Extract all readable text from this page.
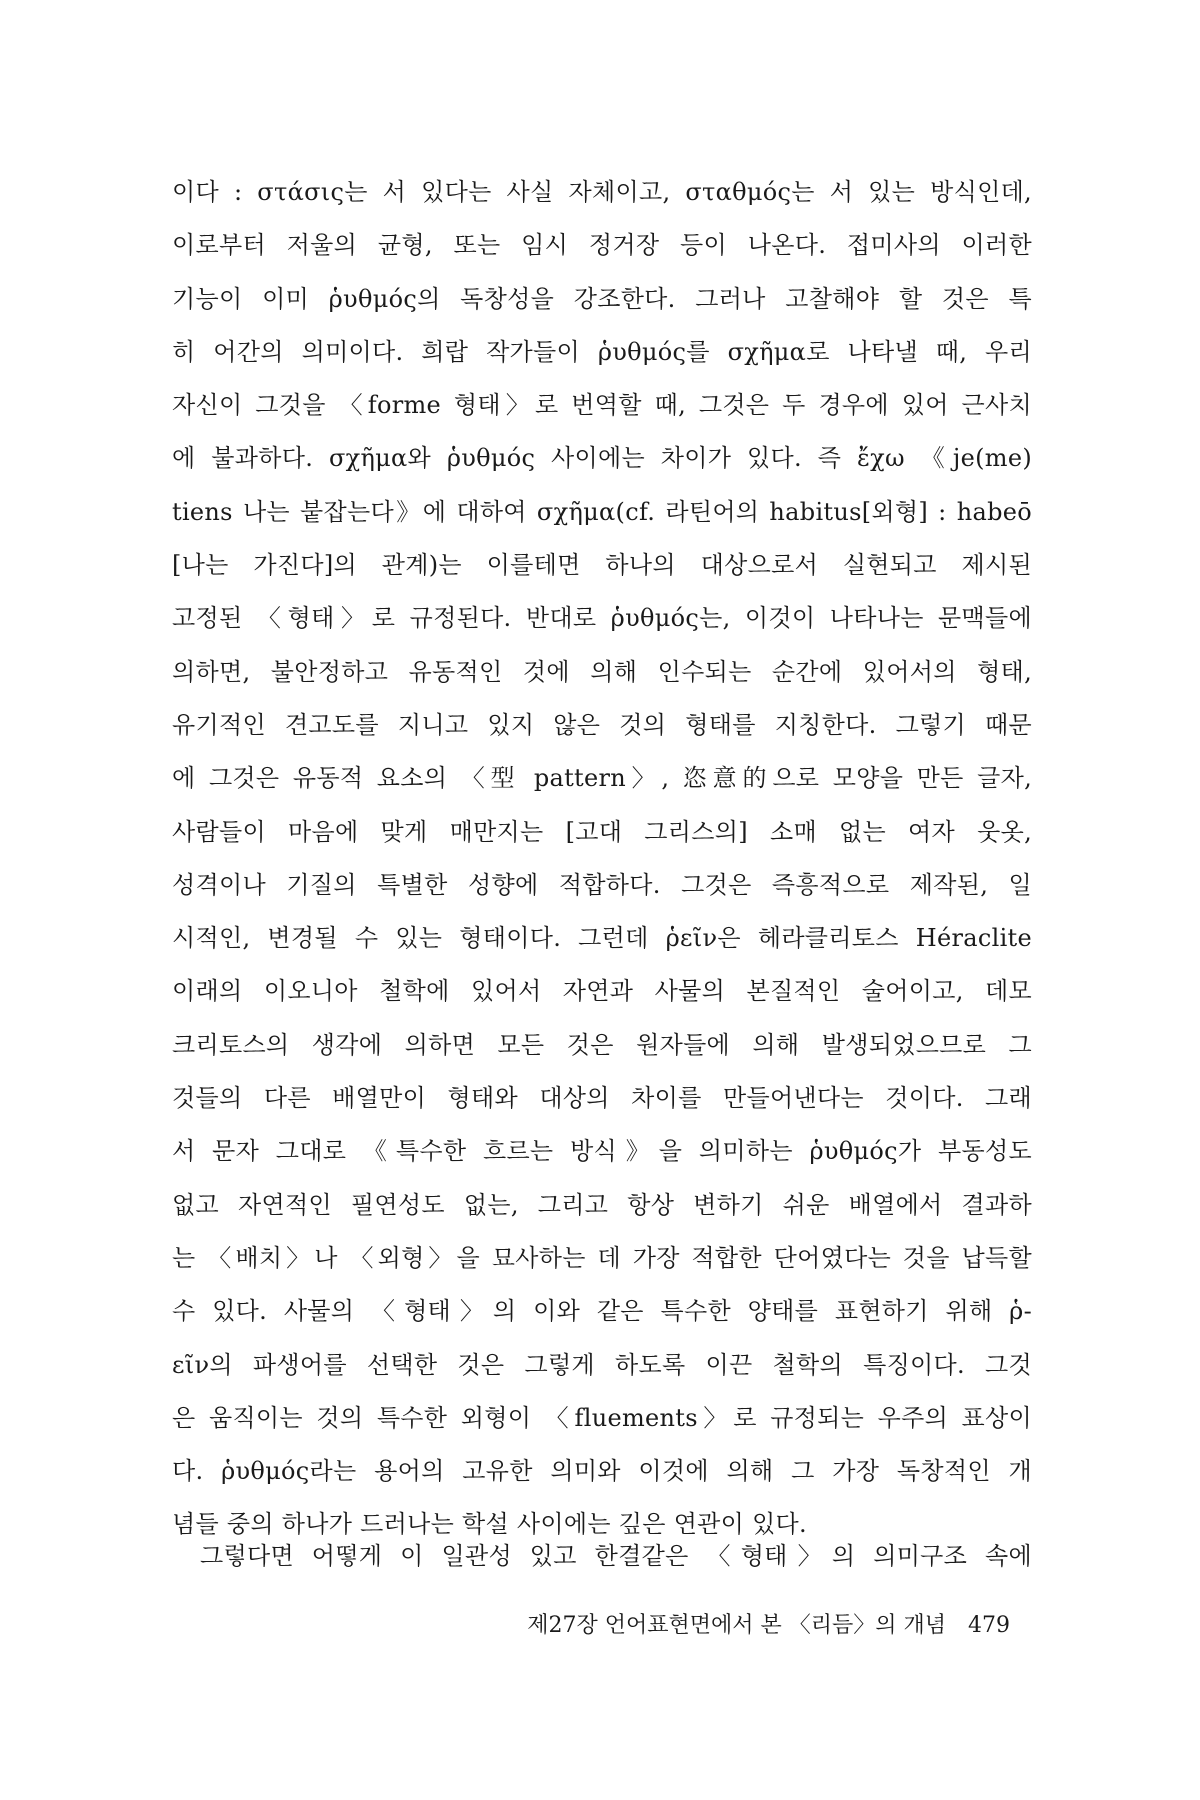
이다 : στάσις는 서 있다는 사실 자체이고, σταθμός는 서 있는 방식인데,
이로부터 저울의 균형, 또는 임시 정거장 등이 나온다. 접미사의 이러한
기능이 이미 ῥυθμός의 독창성을 강조한다. 그러나 고찰해야 할 것은 특
히 어간의 의미이다. 희랍 작가들이 ῥυθμός를 σχῆμα로 나타낼 때, 우리
자신이 그것을 〈forme 형태〉로 번역할 때, 그것은 두 경우에 있어 근사치
에 불과하다. σχῆμα와 ῥυθμός 사이에는 차이가 있다. 즉 ἔχω 《je(me)
tiens 나는 붙잡는다》에 대하여 σχῆμα(cf. 라틴어의 habitus[외형] : habeō
[나는 가진다]의 관계)는 이를테면 하나의 대상으로서 실현되고 제시된
고정된 〈형태〉로 규정된다. 반대로 ῥυθμός는, 이것이 나타나는 문맥들에
의하면, 불안정하고 유동적인 것에 의해 인수되는 순간에 있어서의 형태,
유기적인 견고도를 지니고 있지 않은 것의 형태를 지칭한다. 그렇기 때문
에 그것은 유동적 요소의 〈型 pattern〉, 恣意的으로 모양을 만든 글자,
사람들이 마음에 맞게 매만지는 [고대 그리스의] 소매 없는 여자 웃옷,
성격이나 기질의 특별한 성향에 적합하다. 그것은 즉흥적으로 제작된, 일
시적인, 변경될 수 있는 형태이다. 그런데 ῥεῖν은 헤라클리토스 Héraclite
이래의 이오니아 철학에 있어서 자연과 사물의 본질적인 술어이고, 데모
크리토스의 생각에 의하면 모든 것은 원자들에 의해 발생되었으므로 그
것들의 다른 배열만이 형태와 대상의 차이를 만들어낸다는 것이다. 그래
서 문자 그대로 《특수한 흐르는 방식》을 의미하는 ῥυθμός가 부동성도
없고 자연적인 필연성도 없는, 그리고 항상 변하기 쉬운 배열에서 결과하
는 〈배치〉나 〈외형〉을 묘사하는 데 가장 적합한 단어였다는 것을 납득할
수 있다. 사물의 〈형태〉의 이와 같은 특수한 양태를 표현하기 위해 ῥ-
εῖν의 파생어를 선택한 것은 그렇게 하도록 이끈 철학의 특징이다. 그것
은 움직이는 것의 특수한 외형이 〈fluements〉로 규정되는 우주의 표상이
다. ῥυθμός라는 용어의 고유한 의미와 이것에 의해 그 가장 독창적인 개
념들 중의 하나가 드러나는 학설 사이에는 깊은 연관이 있다.
그렇다면 어떻게 이 일관성 있고 한결같은 〈형태〉의 의미구조 속에
제27장 언어표현면에서 본 〈리듬〉의 개념 479
